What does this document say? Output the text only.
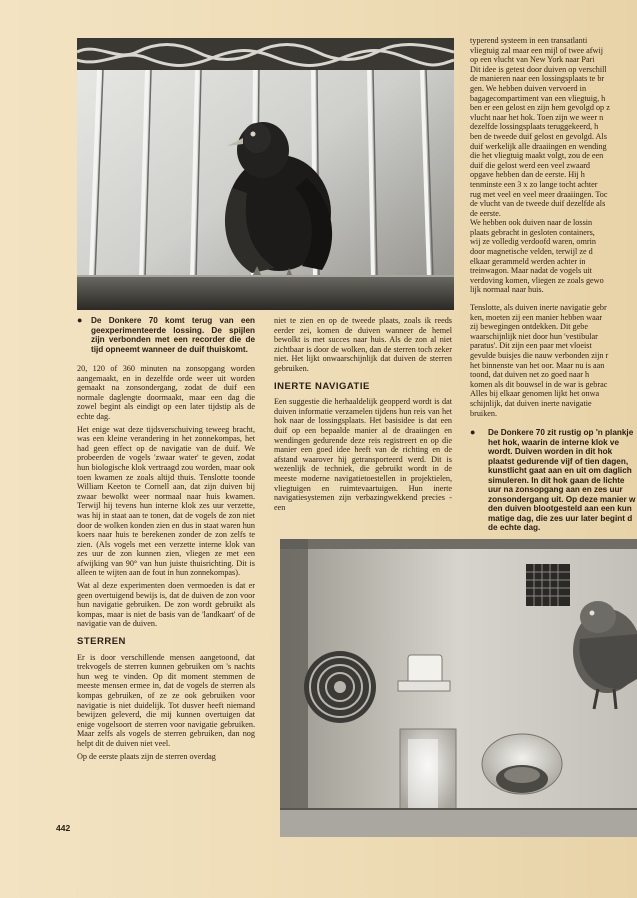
● De Donkere 70 komt terug van een geexperimenteerde lossing. De spijlen zijn verbonden met een recorder die de tijd opneemt wanneer de duif thuiskomt.

20, 120 of 360 minuten na zonsopgang worden aangemaakt, en in dezelfde orde weer uit worden gemaakt na zonsondergang, zodat de duif een normale daglengte doormaakt, maar een dag die zowel begint als eindigt op een later tijdstip als de echte dag.

Het enige wat deze tijdsverschuiving teweeg bracht, was een kleine verandering in het zonnekompas, het had geen effect op de navigatie van de duif. We probeerden de vogels 'zwaar water' te geven, zodat hun biologische klok vertraagd zou worden, maar ook toen kwamen ze zoals altijd thuis. Tenslotte toonde William Keeton te Cornell aan, dat zijn duiven bij zwaar bewolkt weer normaal naar huis kwamen. Terwijl hij tevens hun interne klok zes uur verzette, was hij in staat aan te tonen, dat de vogels de zon niet door de wolken konden zien en dus in staat waren hun koers naar huis te berekenen zonder de zon zelfs te zien. (Als vogels met een verzette interne klok van zes uur de zon kunnen zien, vliegen ze met een afwijking van 90° van hun juiste thuisrichting. Dit is alleen te wijten aan de fout in hun zonnekompas).

Wat al deze experimenten doen vermoeden is dat er geen overtuigend bewijs is, dat de duiven de zon voor hun navigatie gebruiken. De zon wordt gebruikt als kompas, maar is niet de basis van de 'landkaart' of de navigatie van de duiven.

STERREN

Er is door verschillende mensen aangetoond, dat trekvogels de sterren kunnen gebruiken om 's nachts hun weg te vinden. Op dit moment stemmen de meeste mensen ermee in, dat de vogels de sterren als kompas gebruiken, of ze ze ook gebruiken voor navigatie is niet duidelijk. Tot dusver heeft niemand bewijzen geleverd, die mij kunnen overtuigen dat enige vogelsoort de sterren voor navigatie gebruiken. Maar zelfs als vogels de sterren gebruiken, dan nog helpt dit de duiven niet veel.

Op de eerste plaats zijn de sterren overdag

442

niet te zien en op de tweede plaats, zoals ik reeds eerder zei, komen de duiven wanneer de hemel bewolkt is met succes naar huis. Als de zon al niet zichtbaar is door de wolken, dan de sterren toch zeker niet. Het lijkt onwaarschijnlijk dat duiven de sterren gebruiken.

INERTE NAVIGATIE

Een suggestie die herhaaldelijk geopperd wordt is dat duiven informatie verzamelen tijdens hun reis van het hok naar de lossingsplaats. Het basisidee is dat een duif op een bepaalde manier al de draaiingen en wendingen gedurende deze reis registreert en op die manier een goed idee heeft van de richting en de afstand waarover hij getransporteerd werd. Dit is wezenlijk de techniek, die gebruikt wordt in de meeste moderne navigatietoestellen in projektielen, vliegtuigen en ruimtevaartuigen. Hun inerte navigatiesystemen zijn verbazingwekkend precies - een

typerend systeem in een transatlanti
vliegtuig zal maar een mijl of twee afwij
op een vlucht van New York naar Pari
Dit idee is getest door duiven op verschill
de manieren naar een lossingsplaats te br
gen. We hebben duiven vervoerd in
bagagecompartiment van een vliegtuig, h
ben er een gelost en zijn hem gevolgd op z
vlucht naar het hok. Toen zijn we weer n
dezelfde lossingsplaats teruggekeerd, h
ben de tweede duif gelost en gevolgd. Als
duif werkelijk alle draaiingen en wending
die het vliegtuig maakt volgt, zou de een
duif die gelost werd een veel zwaard
opgave hebben dan de eerste. Hij h
tenminste een 3 x zo lange tocht achter
rug met veel en veel meer draaiingen. Toc
de vlucht van de tweede duif dezelfde als
de eerste.
We hebben ook duiven naar de lossin
plaats gebracht in gesloten containers,
wij ze volledig verdoofd waren, omrin
door magnetische velden, terwijl ze d
elkaar gerammeld werden achter in
treinwagon. Maar nadat de vogels uit
verdoving komen, vliegen ze zoals gewo
lijk normaal naar huis.
Tenslotte, als duiven inerte navigatie gebr
ken, moeten zij een manier hebben waar
zij bewegingen ontdekken. Dit gebe
waarschijnlijk niet door hun 'vestibular
paratus'. Dit zijn een paar met vloeist
gevulde buisjes die nauw verbonden zijn r
het binnenste van het oor. Maar nu is aan
toond, dat duiven net zo goed naar h
komen als dit bouwsel in de war is gebrac
Alles bij elkaar genomen lijkt het onwa
schijnlijk, dat duiven inerte navigatie
bruiken.
● De Donkere 70 zit rustig op 'n plankje
het hok, waarin de interne klok ve
wordt. Duiven worden in dit hok
plaatst gedurende vijf of tien dagen,
kunstlicht gaat aan en uit om daglich
simuleren. In dit hok gaan de lichte
uur na zonsopgang aan en zes uur
zonsondergang uit. Op deze manier w
den duiven blootgesteld aan een kun
matige dag, die zes uur later begint d
de echte dag.
